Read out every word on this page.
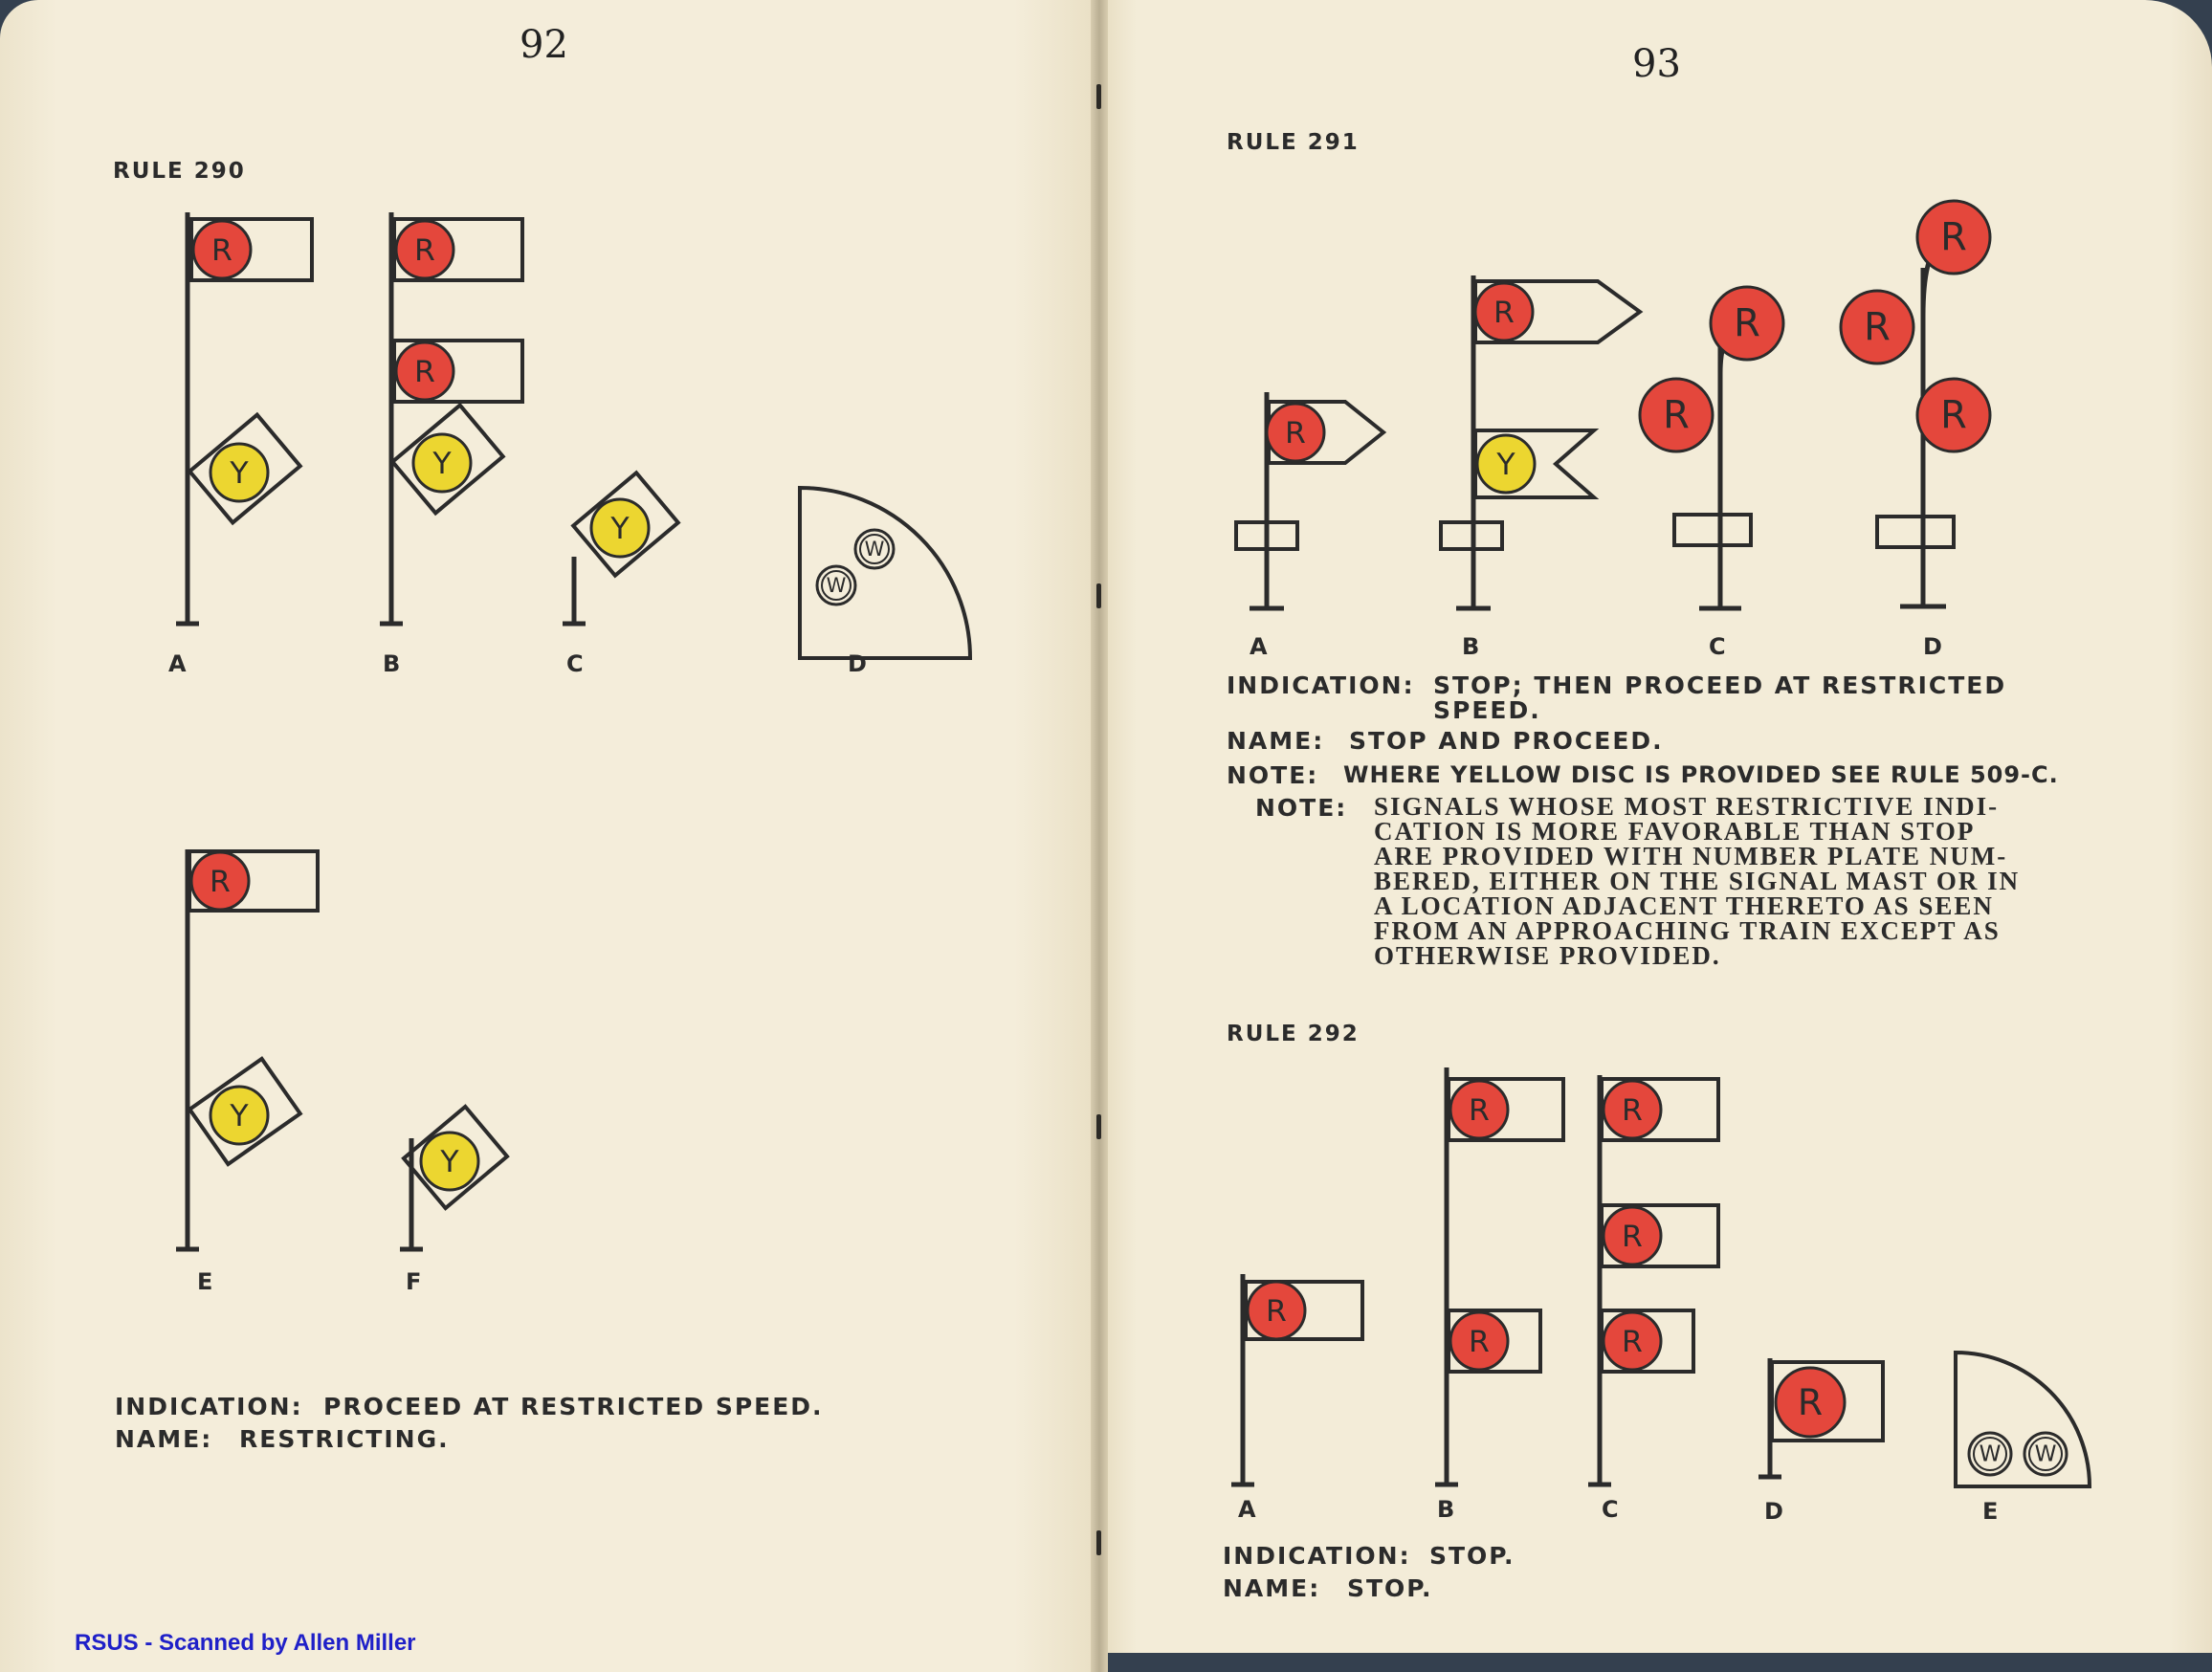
92
RULE 290
A	B	C	D
E	F
INDICATION: PROCEED AT RESTRICTED SPEED.
NAME: RESTRICTING.
RSUS - Scanned by Allen Miller
93
RULE 291
A	B	C	D
INDICATION: STOP; THEN PROCEED AT RESTRICTED
SPEED.
NAME: STOP AND PROCEED.
NOTE: WHERE YELLOW DISC IS PROVIDED SEE RULE 509-C.
NOTE: SIGNALS WHOSE MOST RESTRICTIVE INDI-
CATION IS MORE FAVORABLE THAN STOP
ARE PROVIDED WITH NUMBER PLATE NUM-
BERED, EITHER ON THE SIGNAL MAST OR IN
A LOCATION ADJACENT THERETO AS SEEN
FROM AN APPROACHING TRAIN EXCEPT AS
OTHERWISE PROVIDED.
RULE 292
A	B	C	D	E
INDICATION: STOP.
NAME: STOP.
R
Y
R
R
Y
Y
W
W
R
Y
Y
R
R
Y
R
R
R
R
R
R
R
R
R
R
R
R
W W
